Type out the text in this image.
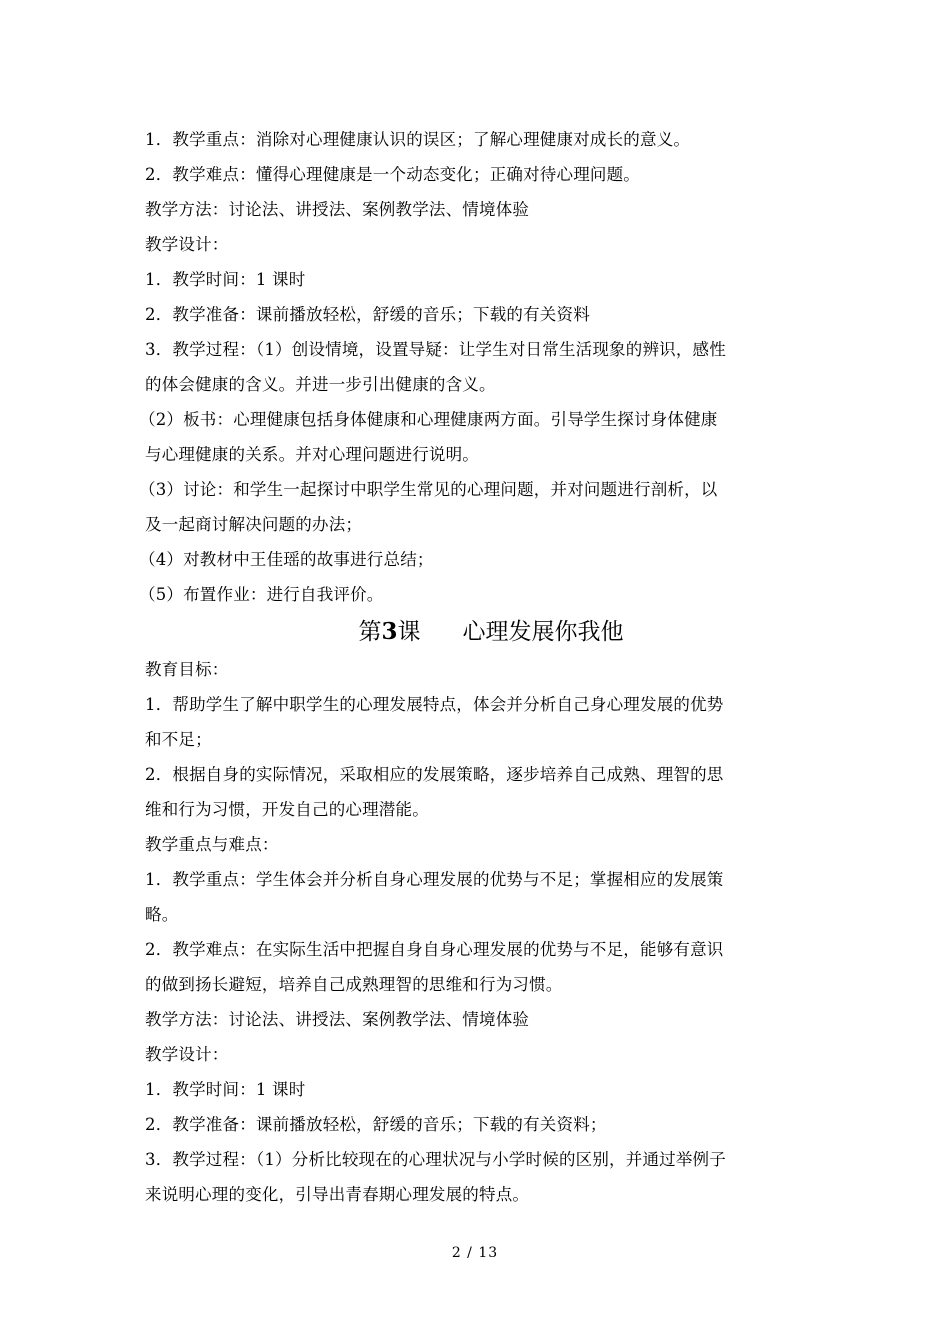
1．教学重点：消除对心理健康认识的误区；了解心理健康对成长的意义。
2．教学难点：懂得心理健康是一个动态变化；正确对待心理问题。
教学方法：讨论法、讲授法、案例教学法、情境体验
教学设计：
1．教学时间：1 课时
2．教学准备：课前播放轻松，舒缓的音乐；下载的有关资料
3．教学过程：（1）创设情境，设置导疑：让学生对日常生活现象的辨识，感性
的体会健康的含义。并进一步引出健康的含义。
（2）板书：心理健康包括身体健康和心理健康两方面。引导学生探讨身体健康
与心理健康的关系。并对心理问题进行说明。
（3）讨论：和学生一起探讨中职学生常见的心理问题，并对问题进行剖析，以
及一起商讨解决问题的办法；
（4）对教材中王佳瑶的故事进行总结；
（5）布置作业：进行自我评价。
第3课 心理发展你我他
教育目标：
1．帮助学生了解中职学生的心理发展特点，体会并分析自己身心理发展的优势
和不足；
2．根据自身的实际情况，采取相应的发展策略，逐步培养自己成熟、理智的思
维和行为习惯，开发自己的心理潜能。
教学重点与难点：
1．教学重点：学生体会并分析自身心理发展的优势与不足；掌握相应的发展策
略。
2．教学难点：在实际生活中把握自身自身心理发展的优势与不足，能够有意识
的做到扬长避短，培养自己成熟理智的思维和行为习惯。
教学方法：讨论法、讲授法、案例教学法、情境体验
教学设计：
1．教学时间：1 课时
2．教学准备：课前播放轻松，舒缓的音乐；下载的有关资料；
3．教学过程：（1）分析比较现在的心理状况与小学时候的区别，并通过举例子
来说明心理的变化，引导出青春期心理发展的特点。
2 / 13
